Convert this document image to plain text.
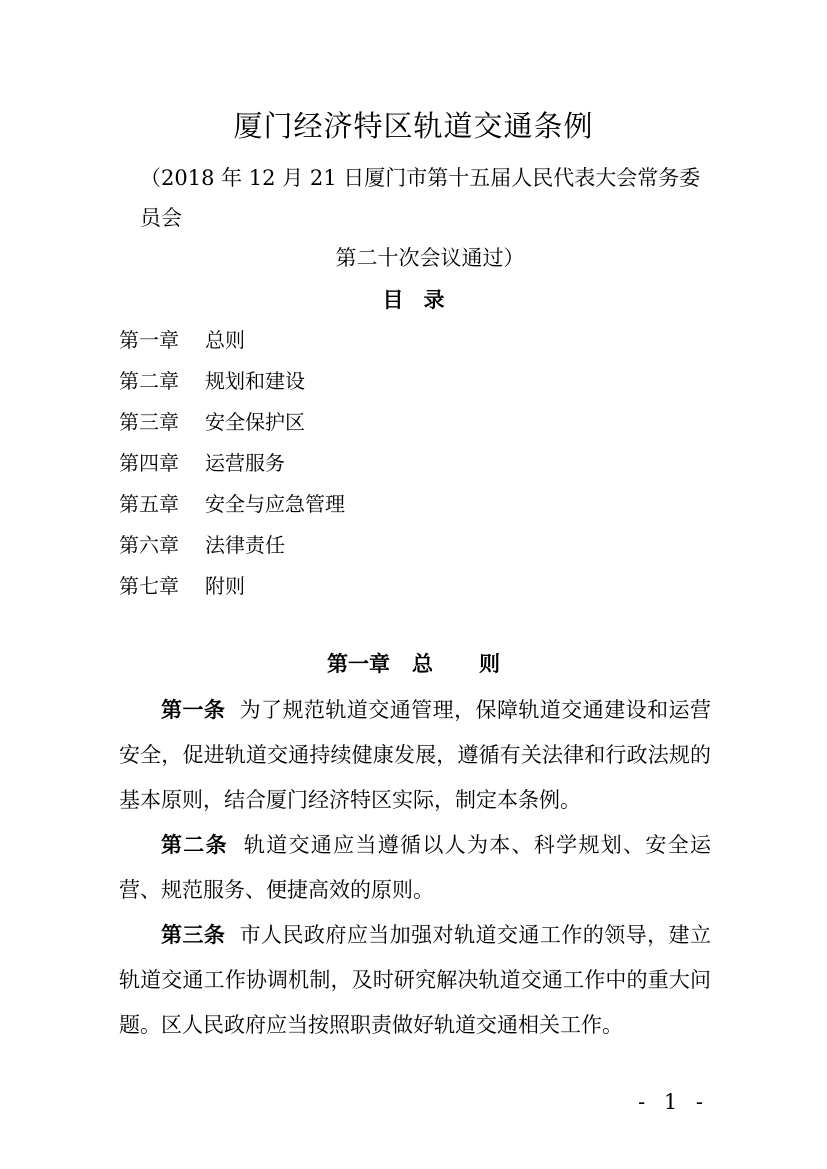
厦门经济特区轨道交通条例
（2018 年 12 月 21 日厦门市第十五届人民代表大会常务委员会
第二十次会议通过）
目录
第一章 总则
第二章 规划和建设
第三章 安全保护区
第四章 运营服务
第五章 安全与应急管理
第六章 法律责任
第七章 附则
第一章 总 则

第一条 为了规范轨道交通管理，保障轨道交通建设和运营安全，促进轨道交通持续健康发展，遵循有关法律和行政法规的基本原则，结合厦门经济特区实际，制定本条例。

第二条 轨道交通应当遵循以人为本、科学规划、安全运营、规范服务、便捷高效的原则。

第三条 市人民政府应当加强对轨道交通工作的领导，建立轨道交通工作协调机制，及时研究解决轨道交通工作中的重大问题。区人民政府应当按照职责做好轨道交通相关工作。

- 1 -
